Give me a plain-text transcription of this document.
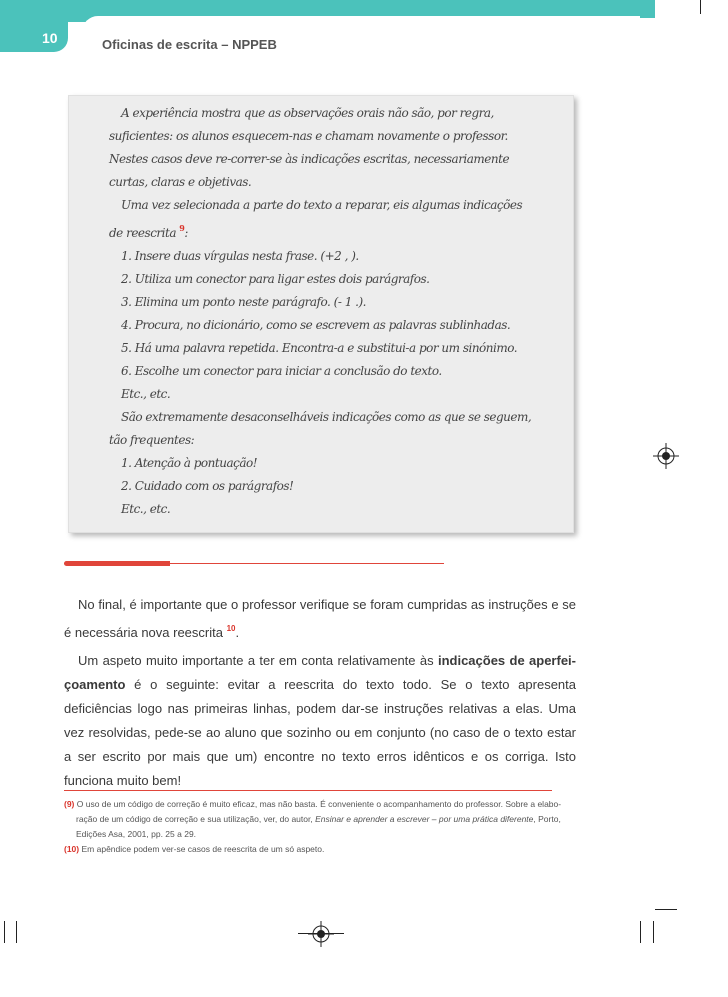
10	Oficinas de escrita – NPPEB

A experiência mostra que as observações orais não são, por regra, suficientes: os alunos esquecem-nas e chamam novamente o professor. Nestes casos deve re-correr-se às indicações escritas, necessariamente curtas, claras e objetivas.

Uma vez selecionada a parte do texto a reparar, eis algumas indicações de reescrita $^9$:

1. Insere duas vírgulas nesta frase. (+2 , ).

2. Utiliza um conector para ligar estes dois parágrafos.

3. Elimina um ponto neste parágrafo. (- 1 .).

4. Procura, no dicionário, como se escrevem as palavras sublinhadas.

5. Há uma palavra repetida. Encontra-a e substitui-a por um sinónimo.

6. Escolhe um conector para iniciar a conclusão do texto.

Etc., etc.

São extremamente desaconselháveis indicações como as que se seguem, tão frequentes:

1. Atenção à pontuação!

2. Cuidado com os parágrafos!

Etc., etc.

No final, é importante que o professor verifique se foram cumpridas as instruções e se é necessária nova reescrita $^{10}$.

Um aspeto muito importante a ter em conta relativamente às indicações de aperfei-çoamento é o seguinte: evitar a reescrita do texto todo. Se o texto apresenta deficiências logo nas primeiras linhas, podem dar-se instruções relativas a elas. Uma vez resolvidas, pede-se ao aluno que sozinho ou em conjunto (no caso de o texto estar a ser escrito por mais que um) encontre no texto erros idênticos e os corriga. Isto funciona muito bem!

(9) O uso de um código de correção é muito eficaz, mas não basta. É conveniente o acompanhamento do professor. Sobre a elabo-ração de um código de correção e sua utilização, ver, do autor, Ensinar e aprender a escrever – por uma prática diferente, Porto, Edições Asa, 2001, pp. 25 a 29.

(10) Em apêndice podem ver-se casos de reescrita de um só aspeto.
